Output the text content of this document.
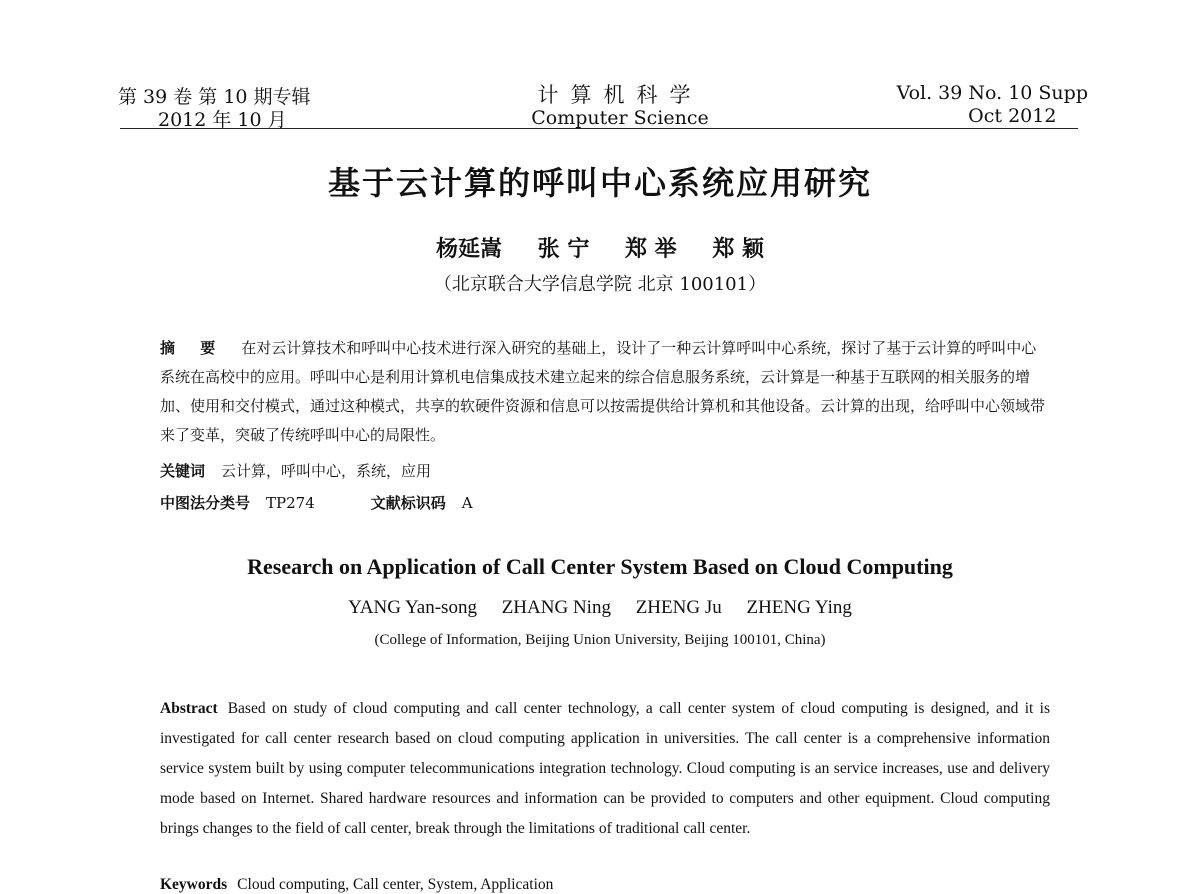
第 39 卷 第 10 期专辑
2012 年 10 月
计算机科学
Computer Science
Vol. 39 No. 10 Supp
Oct 2012
基于云计算的呼叫中心系统应用研究
杨延嵩 张 宁 郑 举 郑 颖
（北京联合大学信息学院 北京 100101）
摘 要 在对云计算技术和呼叫中心技术进行深入研究的基础上，设计了一种云计算呼叫中心系统，探讨了基于云计算的呼叫中心系统在高校中的应用。呼叫中心是利用计算机电信集成技术建立起来的综合信息服务系统，云计算是一种基于互联网的相关服务的增加、使用和交付模式，通过这种模式，共享的软硬件资源和信息可以按需提供给计算机和其他设备。云计算的出现，给呼叫中心领域带来了变革，突破了传统呼叫中心的局限性。
关键词 云计算，呼叫中心，系统，应用
中图法分类号 TP274	文献标识码 A
Research on Application of Call Center System Based on Cloud Computing
YANG Yan-song ZHANG Ning ZHENG Ju ZHENG Ying
(College of Information, Beijing Union University, Beijing 100101, China)
Abstract Based on study of cloud computing and call center technology, a call center system of cloud computing is designed, and it is investigated for call center research based on cloud computing application in universities. The call center is a comprehensive information service system built by using computer telecommunications integration technology. Cloud computing is an service increases, use and delivery mode based on Internet. Shared hardware resources and information can be provided to computers and other equipment. Cloud computing brings changes to the field of call center, break through the limitations of traditional call center.
Keywords Cloud computing, Call center, System, Application
